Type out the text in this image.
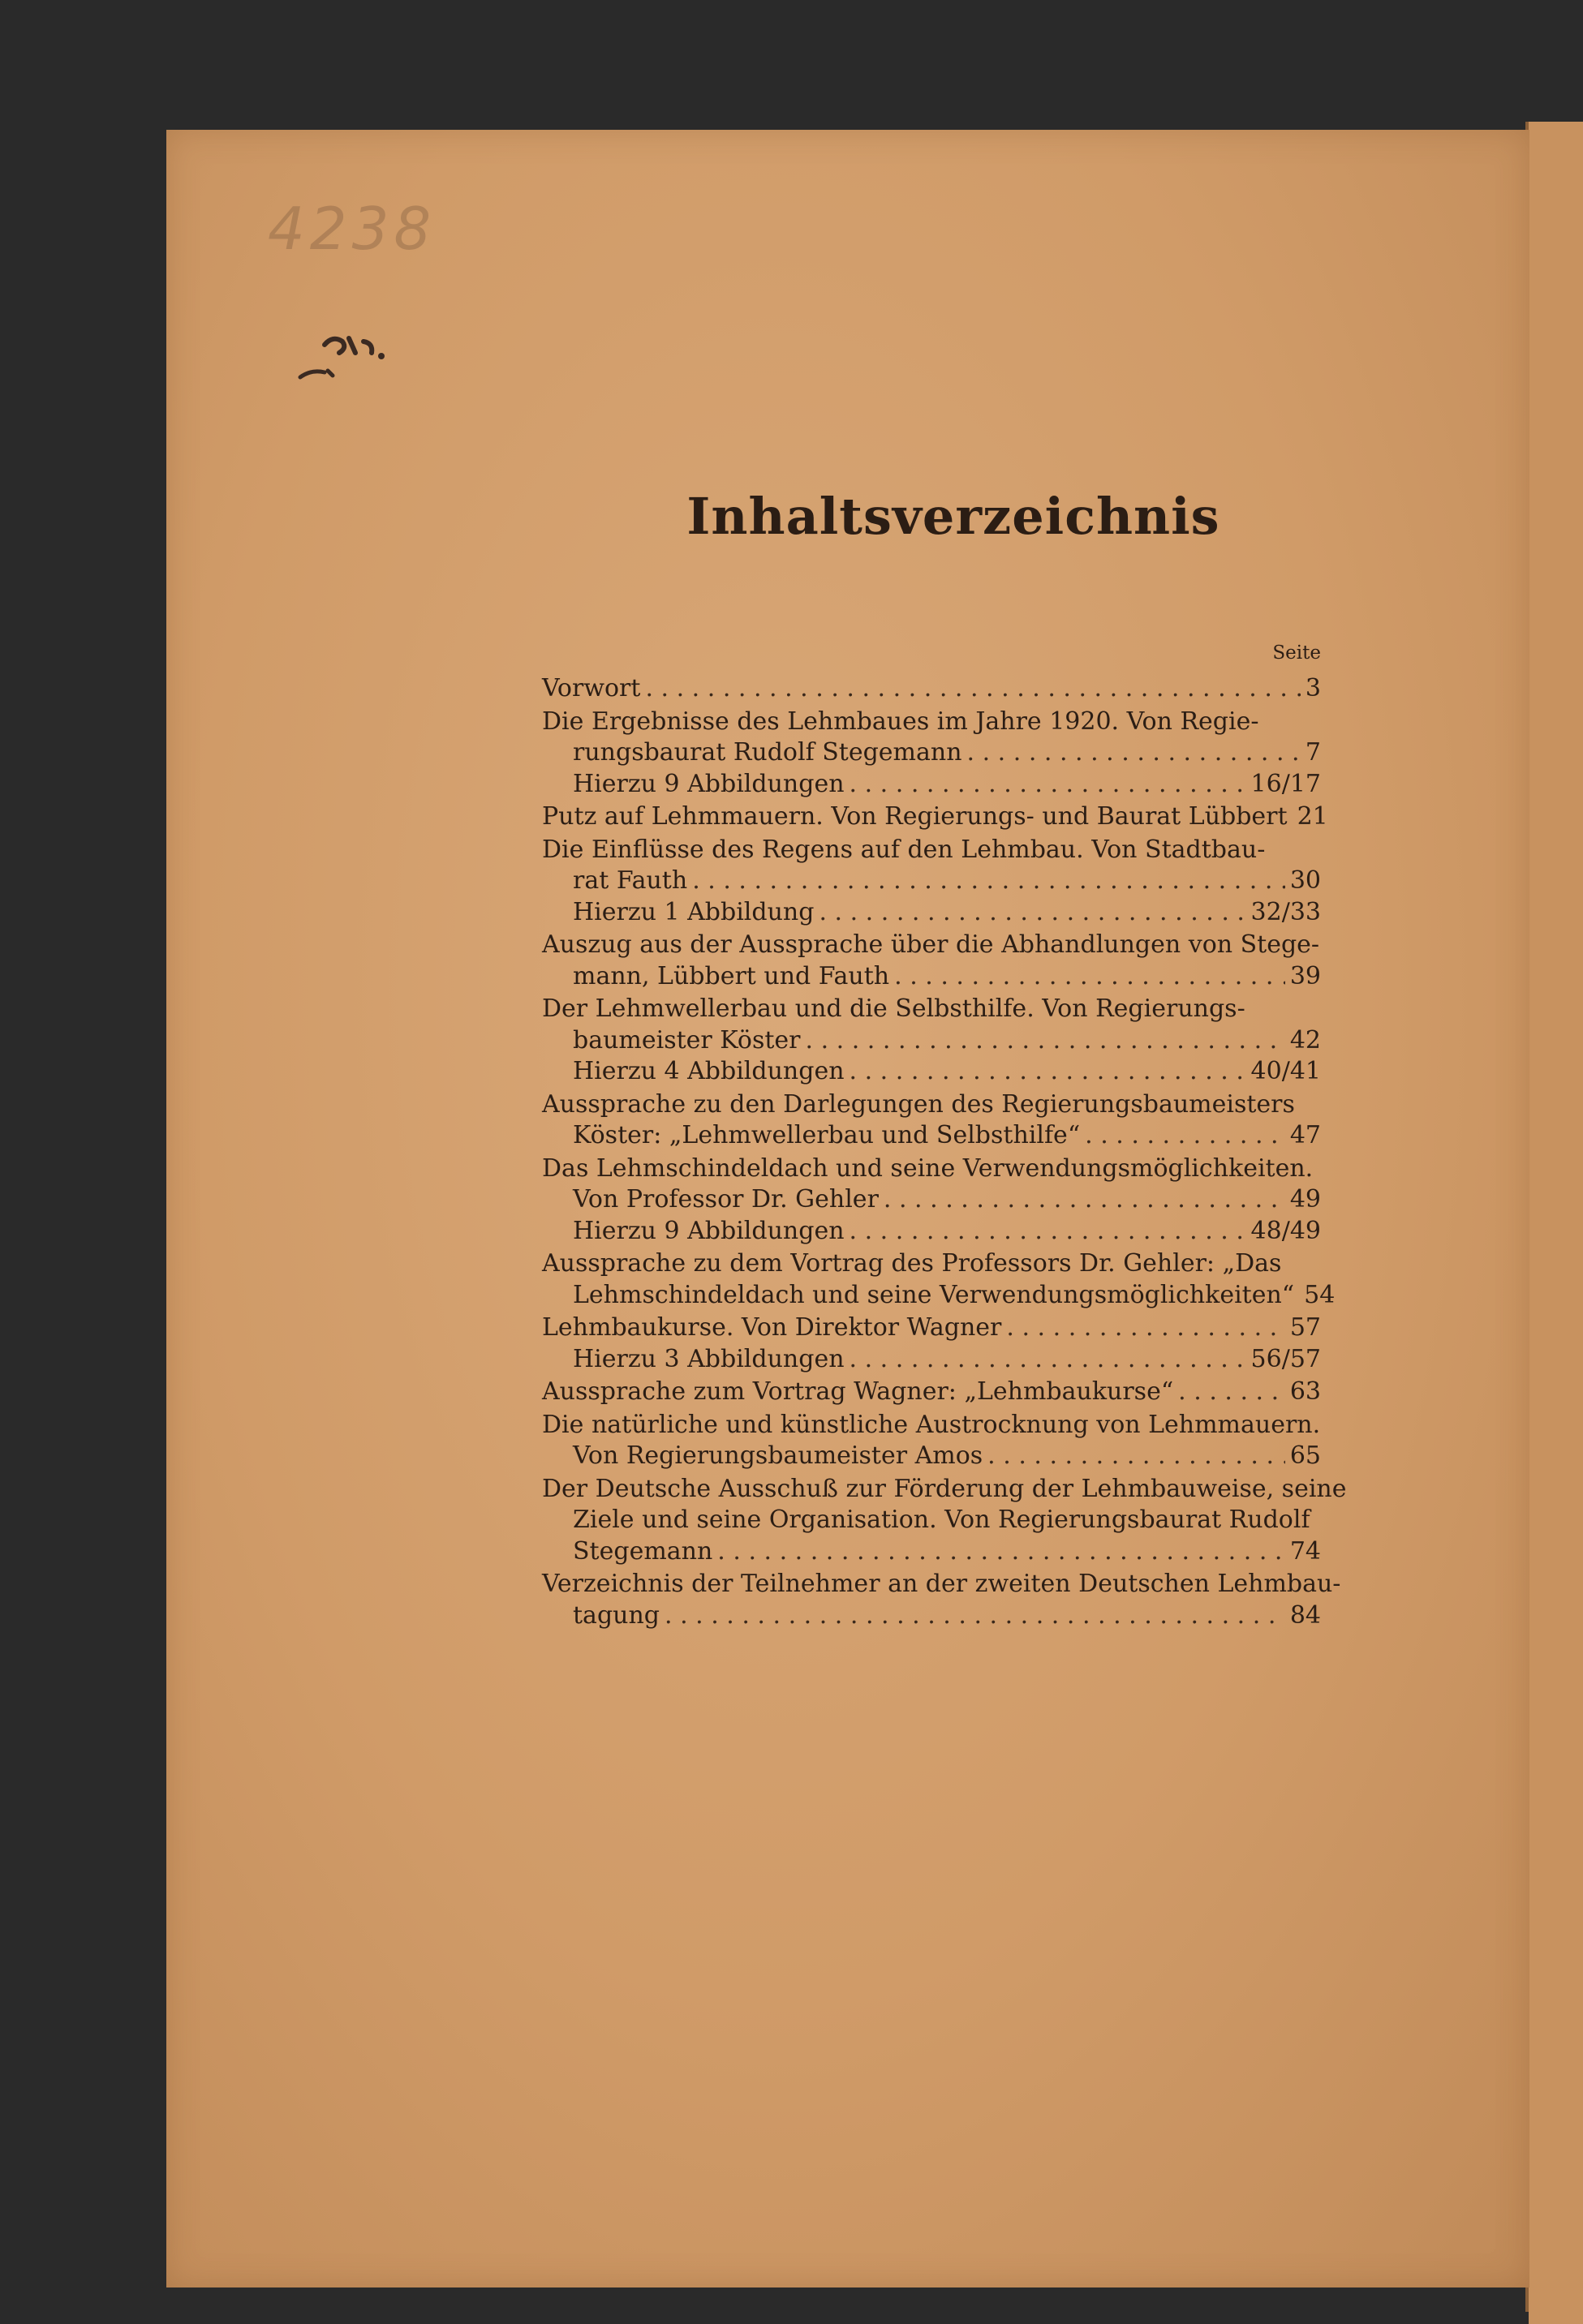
4238
Inhaltsverzeichnis
Seite
Vorwort . . .	3
Die Ergebnisse des Lehmbaues im Jahre 1920. Von Regie-
rungsbaurat Rudolf Stegemann . . .	7
Hierzu 9 Abbildungen . . .	16/17
Putz auf Lehmmauern. Von Regierungs- und Baurat Lübbert 21
Die Einflüsse des Regens auf den Lehmbau. Von Stadtbau-
rat Fauth . . .	30
Hierzu 1 Abbildung . . .	32/33
Auszug aus der Aussprache über die Abhandlungen von Stege-
mann, Lübbert und Fauth . . .	39
Der Lehmwellerbau und die Selbsthilfe. Von Regierungs-
baumeister Köster . . .	42
Hierzu 4 Abbildungen . . .	40/41
Aussprache zu den Darlegungen des Regierungsbaumeisters
Köster: „Lehmwellerbau und Selbsthilfe“ . . .	47
Das Lehmschindeldach und seine Verwendungsmöglichkeiten.
Von Professor Dr. Gehler . . .	49
Hierzu 9 Abbildungen . . .	48/49
Aussprache zu dem Vortrag des Professors Dr. Gehler: „Das
Lehmschindeldach und seine Verwendungsmöglichkeiten“ 54
Lehmbaukurse. Von Direktor Wagner . . .	57
Hierzu 3 Abbildungen . . .	56/57
Aussprache zum Vortrag Wagner: „Lehmbaukurse“ . . .	63
Die natürliche und künstliche Austrocknung von Lehmmauern.
Von Regierungsbaumeister Amos . . .	65
Der Deutsche Ausschuß zur Förderung der Lehmbauweise, seine
Ziele und seine Organisation. Von Regierungsbaurat Rudolf
Stegemann . . .	74
Verzeichnis der Teilnehmer an der zweiten Deutschen Lehmbau-
tagung . . .	84
